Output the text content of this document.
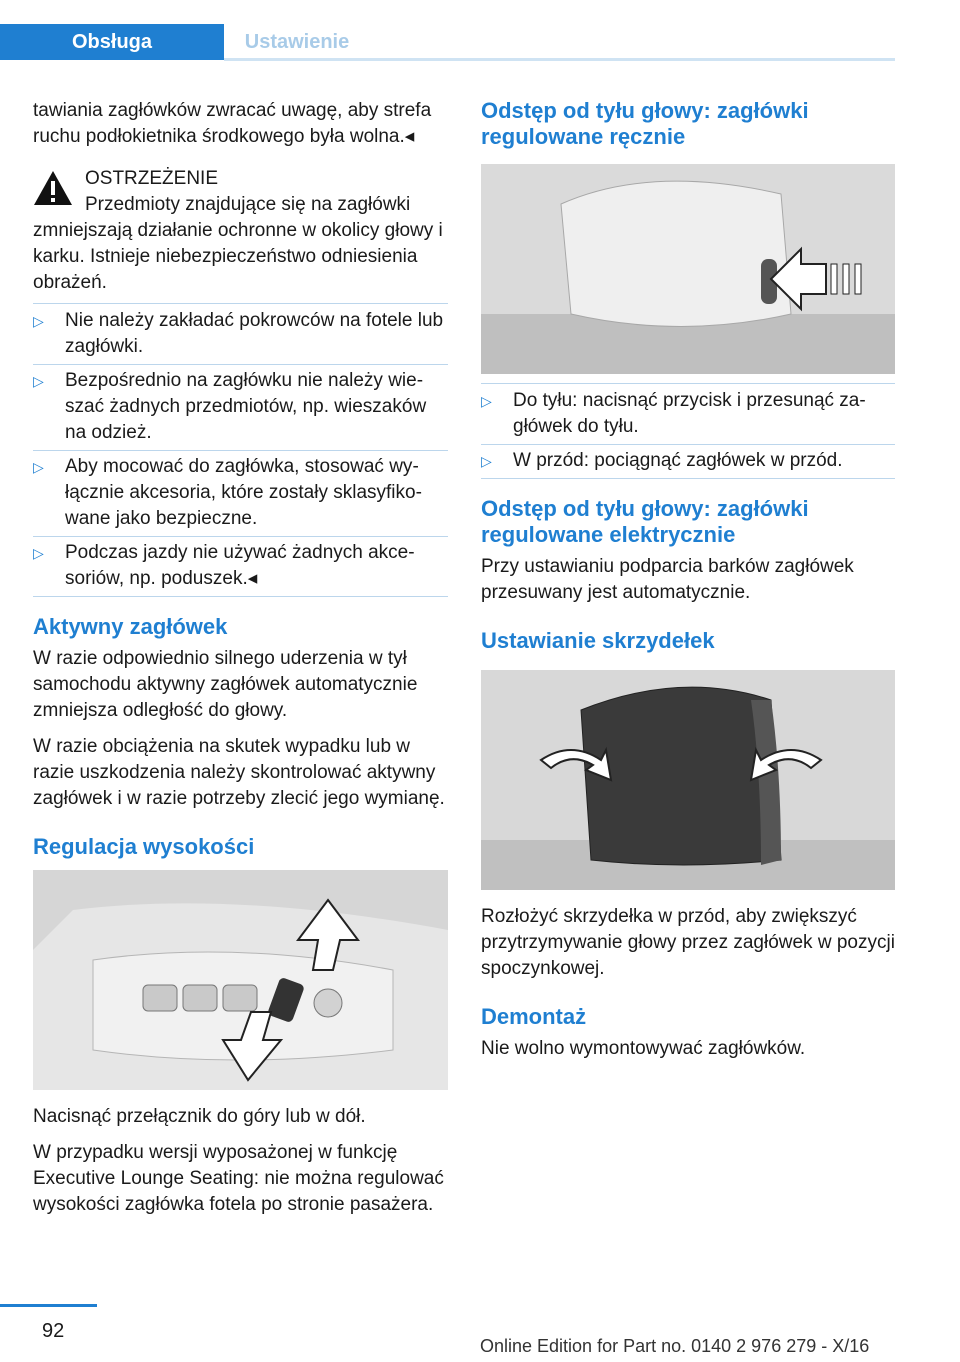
Obsługa	Ustawienie

tawiania zagłówków zwracać uwagę, aby strefa ruchu podłokietnika środkowego była wolna.◂

OSTRZEŻENIE

Przedmioty znajdujące się na zagłówki

zmniejszają działanie ochronne w okolicy głowy i karku. Istnieje niebezpieczeństwo odniesienia obrażeń.

▷ Nie należy zakładać pokrowców na fotele lub zagłówki.
▷ Bezpośrednio na zagłówku nie należy wieszać żadnych przedmiotów, np. wieszaków na odzież.
▷ Aby mocować do zagłówka, stosować wyłącznie akcesoria, które zostały sklasyfikowane jako bezpieczne.
▷ Podczas jazdy nie używać żadnych akcesoriów, np. poduszek.◂
Aktywny zagłówek

W razie odpowiednio silnego uderzenia w tył samochodu aktywny zagłówek automatycznie zmniejsza odległość do głowy.

W razie obciążenia na skutek wypadku lub w razie uszkodzenia należy skontrolować aktywny zagłówek i w razie potrzeby zlecić jego wymianę.

Regulacja wysokości

Nacisnąć przełącznik do góry lub w dół.

W przypadku wersji wyposażonej w funkcję Executive Lounge Seating: nie można regulować wysokości zagłówka fotela po stronie pasażera.

Odstęp od tyłu głowy: zagłówki regulowane ręcznie
▷ Do tyłu: nacisnąć przycisk i przesunąć zagłówek do tyłu.
▷ W przód: pociągnąć zagłówek w przód.
Odstęp od tyłu głowy: zagłówki regulowane elektrycznie

Przy ustawianiu podparcia barków zagłówek przesuwany jest automatycznie.

Ustawianie skrzydełek

Rozłożyć skrzydełka w przód, aby zwiększyć przytrzymywanie głowy przez zagłówek w pozycji spoczynkowej.

Demontaż

Nie wolno wymontowywać zagłówków.

92
Online Edition for Part no. 0140 2 976 279 - X/16
